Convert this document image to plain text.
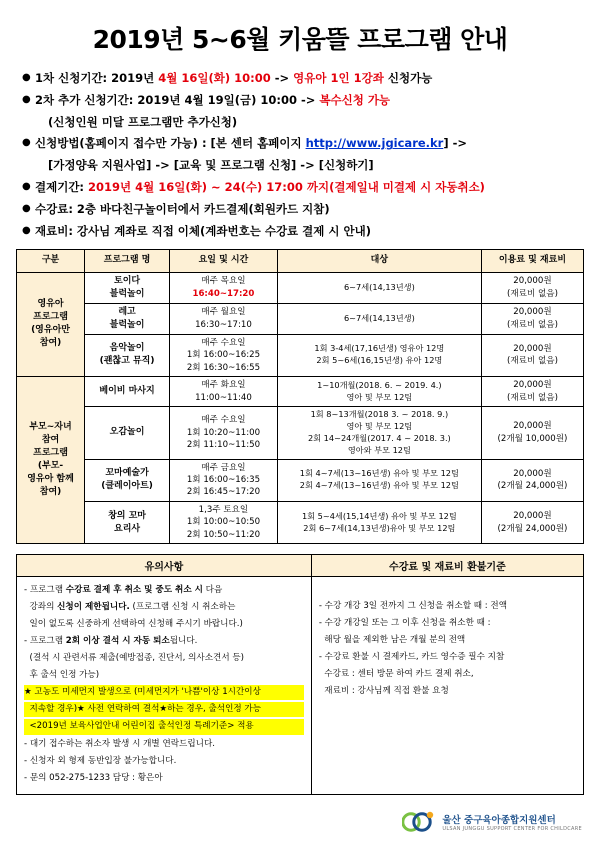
2019년 5~6월 키움뜰 프로그램 안내
● 1차 신청기간: 2019년 4월 16일(화) 10:00 -> 영유아 1인 1강좌 신청가능
● 2차 추가 신청기간: 2019년 4월 19일(금) 10:00 -> 복수신청 가능
(신청인원 미달 프로그램만 추가신청)
● 신청방법(홈페이지 접수만 가능) : [본 센터 홈페이지 http://www.jgicare.kr] ->
[가정양육 지원사업] -> [교육 및 프로그램 신청] -> [신청하기]
● 결제기간: 2019년 4월 16일(화) ~ 24(수) 17:00 까지(결제일내 미결제 시 자동취소)
● 수강료: 2층 바다친구놀이터에서 카드결제(회원카드 지참)
● 재료비: 강사님 계좌로 직접 이체(계좌번호는 수강료 결제 시 안내)
구분	프로그램 명	요일 및 시간	대상	이용료 및 재료비
영유아
프로그램
(영유아만
참여)	토이다
블럭놀이	매주 목요일
16:40~17:20	6~7세(14,13년생)	20,000원
(재료비 없음)
	레고
블럭놀이	매주 월요일
16:30~17:10	6~7세(14,13년생)	20,000원
(재료비 없음)
	음악놀이
(괜찮고 뮤직)	매주 수요일
1회 16:00~16:25
2회 16:30~16:55	1회 3-4세(17,16년생) 영유아 12명
2회 5~6세(16,15년생) 유아 12명	20,000원
(재료비 없음)
부모~자녀
참여
프로그램
(부모-
영유아 함께
참여)	베이비 마사지	매주 화요일
11:00~11:40	1~10개월(2018. 6. ~ 2019. 4.)
영아 및 부모 12팀	20,000원
(재료비 없음)
	오감놀이	매주 수요일
1회 10:20~11:00
2회 11:10~11:50	1회 8~13개월(2018 3. ~ 2018. 9.)
영아 및 부모 12팀
2회 14~24개월(2017. 4 ~ 2018. 3.)
영아와 부모 12팀	20,000원
(2개월 10,000원)
	꼬마예술가
(클레이아트)	매주 금요일
1회 16:00~16:35
2회 16:45~17:20	1회 4~7세(13~16년생) 유아 및 부모 12팀
2회 4~7세(13~16년생) 유아 및 부모 12팀	20,000원
(2개월 24,000원)
	창의 꼬마
요리사	1,3주 토요일
1회 10:00~10:50
2회 10:50~11:20	1회 5~4세(15,14년생) 유아 및 부모 12팀
2회 6~7세(14,13년생)유아 및 부모 12팀	20,000원
(2개월 24,000원)
유의사항	수강료 및 재료비 환불기준

- 프로그램 수강료 결제 후 취소 및 중도 취소 시 다음
강좌의 신청이 제한됩니다. (프로그램 신청 시 취소하는
일이 없도록 신중하게 선택하여 신청해 주시기 바랍니다.)
- 프로그램 2회 이상 결석 시 자동 퇴소됩니다.
(결석 시 관련서류 제출(예방접종, 진단서, 의사소견서 등)
후 출석 인정 가능)
★ 고농도 미세먼지 발생으로 (미세먼지가 '나쁨'이상 1시간이상
지속할 경우)★ 사전 연락하여 결석★하는 경우, 출석인정 가능
<2019년 보육사업안내 어린이집 출석인정 특례기준> 적용
- 대기 접수하는 취소자 발생 시 개별 연락드립니다.
- 신청자 외 형제 동반입장 불가능합니다.
- 문의 052-275-1233 담당 : 황은아

- 수강 개강 3일 전까지 그 신청을 취소할 때 : 전액
- 수강 개강일 또는 그 이후 신청을 취소한 때 :
해당 월을 제외한 남은 개월 분의 전액
- 수강료 환불 시 결제카드, 카드 영수증 필수 지참
수강료 : 센터 방문 하여 카드 결제 취소,
재료비 : 강사님께 직접 환불 요청
울산 중구육아종합지원센터
ULSAN JUNGGU SUPPORT CENTER FOR CHILDCARE
